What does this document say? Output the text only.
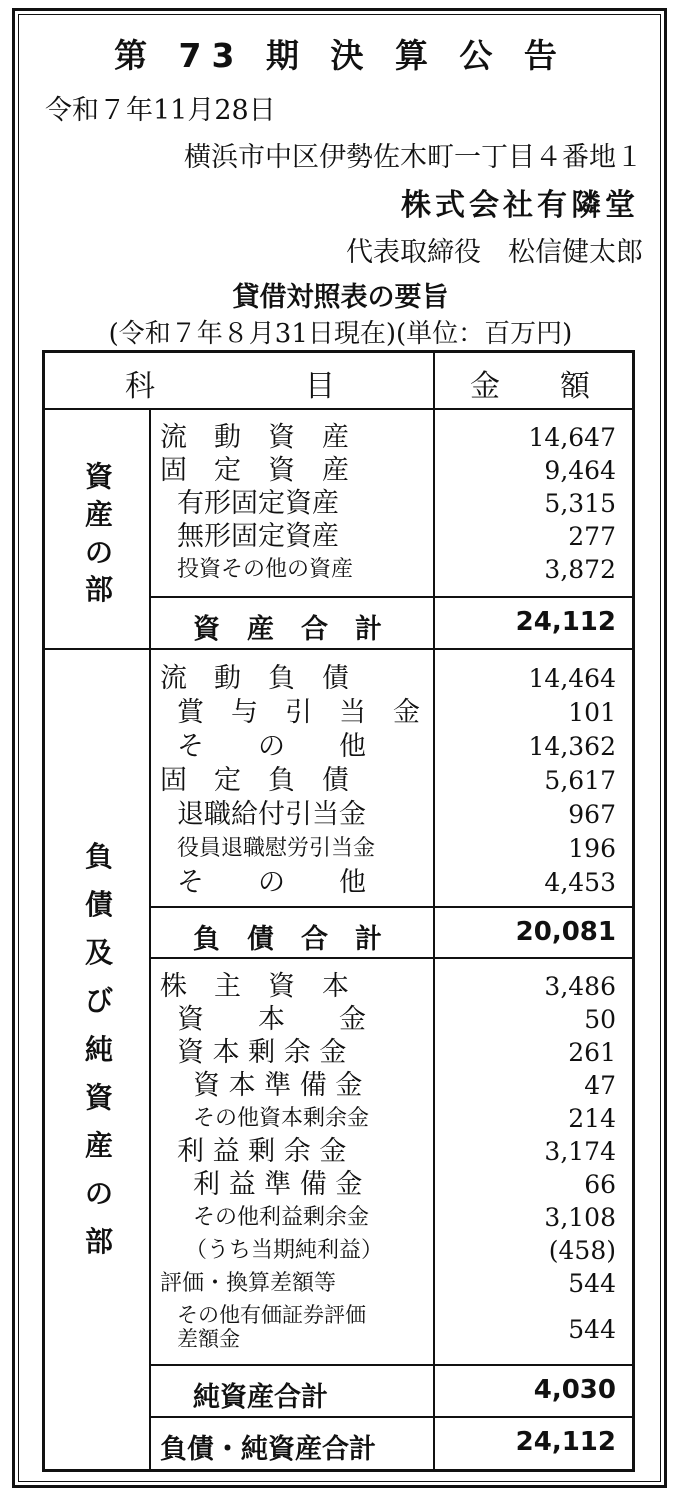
第 73 期 決 算 公 告
令和７年11月28日
横浜市中区伊勢佐木町一丁目４番地１
株式会社有隣堂
代表取締役　松信健太郎
貸借対照表の要旨
(令和７年８月31日現在)(単位：百万円)
科　　　　　目	金　　額
資
産
の
部
流　動　資　産	14,647
固　定　資　産	9,464
有形固定資産	5,315
無形固定資産	277
投資その他の資産	3,872
資　産　合　計	24,112
負
債
及
び
純
資
産
の
部
流　動　負　債	14,464
賞　与　引　当　金	101
そ　　の　　他	14,362
固　定　負　債	5,617
退職給付引当金	967
役員退職慰労引当金	196
そ　　の　　他	4,453
負　債　合　計	20,081
株　主　資　本	3,486
資　　本　　金	50
資 本 剰 余 金	261
資 本 準 備 金	47
その他資本剰余金	214
利 益 剰 余 金	3,174
利 益 準 備 金	66
その他利益剰余金	3,108
（うち当期純利益）	(458)
評価・換算差額等	544
その他有価証券評価
差額金	544
純資産合計	4,030
負債・純資産合計	24,112
